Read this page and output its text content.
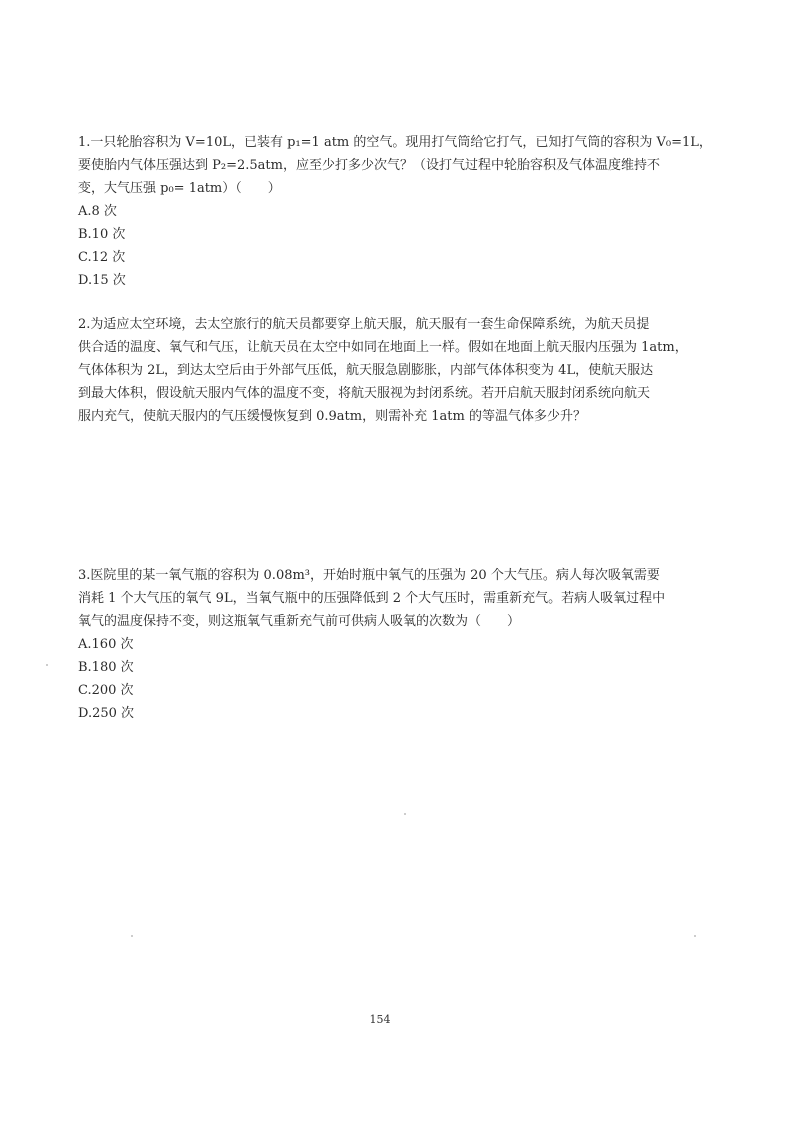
1.一只轮胎容积为 V=10L，已装有 p₁=1 atm 的空气。现用打气筒给它打气，已知打气筒的容积为 V₀=1L，
要使胎内气体压强达到 P₂=2.5atm，应至少打多少次气？（设打气过程中轮胎容积及气体温度维持不
变，大气压强 p₀= 1atm）（　　）
A.8 次
B.10 次
C.12 次
D.15 次
2.为适应太空环境，去太空旅行的航天员都要穿上航天服，航天服有一套生命保障系统，为航天员提
供合适的温度、氧气和气压，让航天员在太空中如同在地面上一样。假如在地面上航天服内压强为 1atm，
气体体积为 2L，到达太空后由于外部气压低，航天服急剧膨胀，内部气体体积变为 4L，使航天服达
到最大体积，假设航天服内气体的温度不变，将航天服视为封闭系统。若开启航天服封闭系统向航天
服内充气，使航天服内的气压缓慢恢复到 0.9atm，则需补充 1atm 的等温气体多少升？
3.医院里的某一氧气瓶的容积为 0.08m³，开始时瓶中氧气的压强为 20 个大气压。病人每次吸氧需要
消耗 1 个大气压的氧气 9L，当氧气瓶中的压强降低到 2 个大气压时，需重新充气。若病人吸氧过程中
氧气的温度保持不变，则这瓶氧气重新充气前可供病人吸氧的次数为（　　）
A.160 次
B.180 次
C.200 次
D.250 次
154
